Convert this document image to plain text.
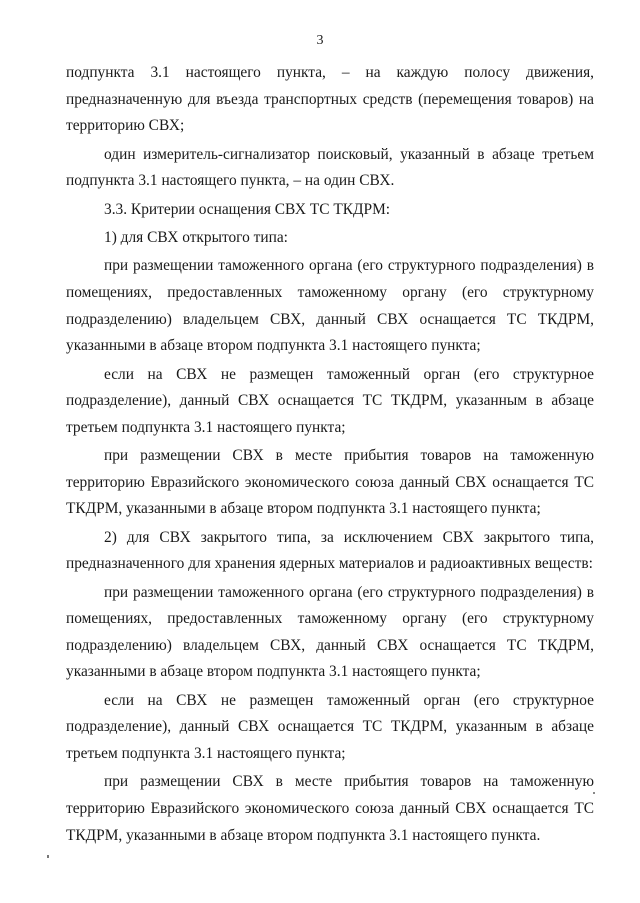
3

подпункта 3.1 настоящего пункта, – на каждую полосу движения, предназначенную для въезда транспортных средств (перемещения товаров) на территорию СВХ;

один измеритель-сигнализатор поисковый, указанный в абзаце третьем подпункта 3.1 настоящего пункта, – на один СВХ.

3.3. Критерии оснащения СВХ ТС ТКДРМ:

1) для СВХ открытого типа:

при размещении таможенного органа (его структурного подразделения) в помещениях, предоставленных таможенному органу (его структурному подразделению) владельцем СВХ, данный СВХ оснащается ТС ТКДРМ, указанными в абзаце втором подпункта 3.1 настоящего пункта;

если на СВХ не размещен таможенный орган (его структурное подразделение), данный СВХ оснащается ТС ТКДРМ, указанным в абзаце третьем подпункта 3.1 настоящего пункта;

при размещении СВХ в месте прибытия товаров на таможенную территорию Евразийского экономического союза данный СВХ оснащается ТС ТКДРМ, указанными в абзаце втором подпункта 3.1 настоящего пункта;

2) для СВХ закрытого типа, за исключением СВХ закрытого типа, предназначенного для хранения ядерных материалов и радиоактивных веществ:

при размещении таможенного органа (его структурного подразделения) в помещениях, предоставленных таможенному органу (его структурному подразделению) владельцем СВХ, данный СВХ оснащается ТС ТКДРМ, указанными в абзаце втором подпункта 3.1 настоящего пункта;

если на СВХ не размещен таможенный орган (его структурное подразделение), данный СВХ оснащается ТС ТКДРМ, указанным в абзаце третьем подпункта 3.1 настоящего пункта;

при размещении СВХ в месте прибытия товаров на таможенную территорию Евразийского экономического союза данный СВХ оснащается ТС ТКДРМ, указанными в абзаце втором подпункта 3.1 настоящего пункта.
